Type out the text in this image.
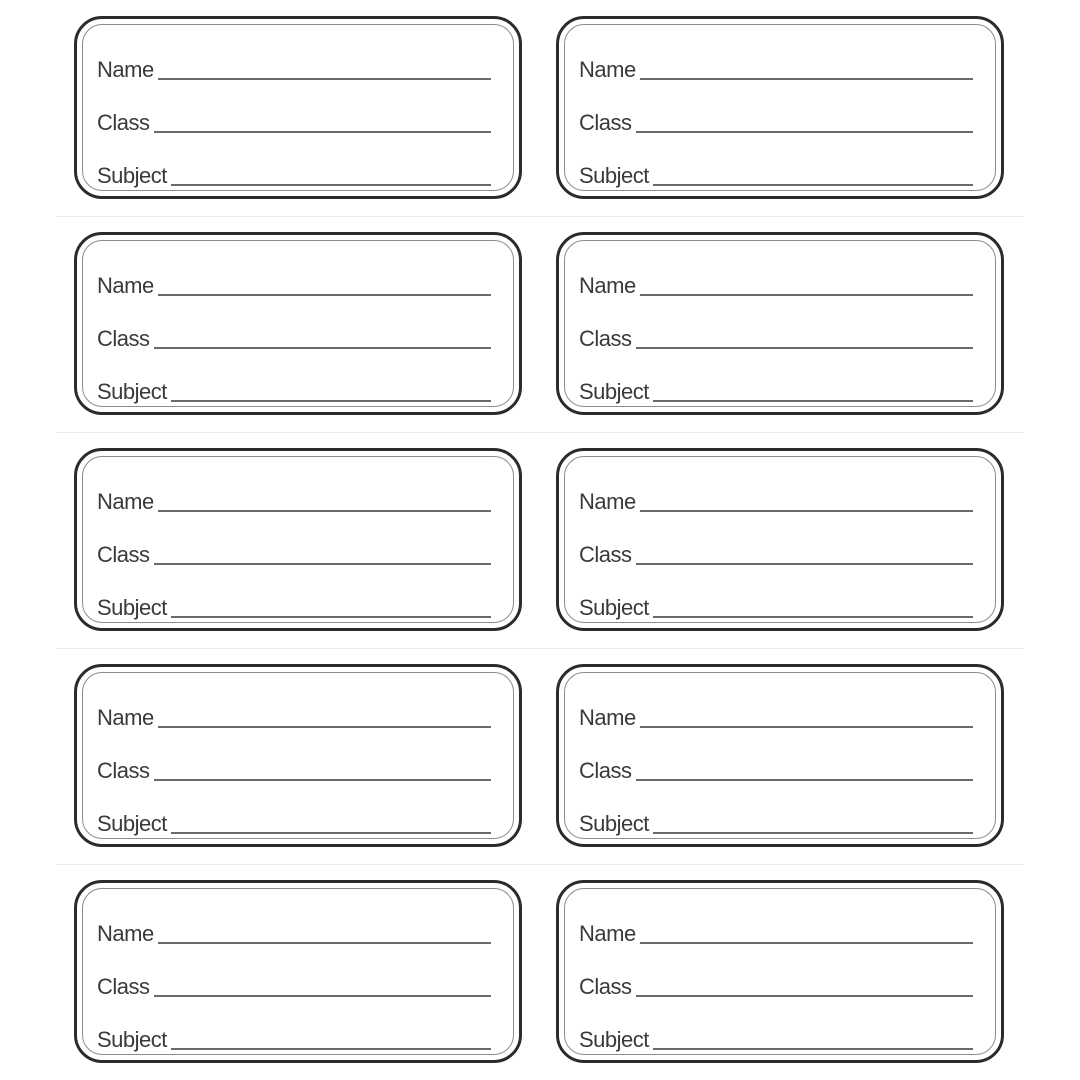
Name
Class
Subject
Name
Class
Subject
Name
Class
Subject
Name
Class
Subject
Name
Class
Subject
Name
Class
Subject
Name
Class
Subject
Name
Class
Subject
Name
Class
Subject
Name
Class
Subject
